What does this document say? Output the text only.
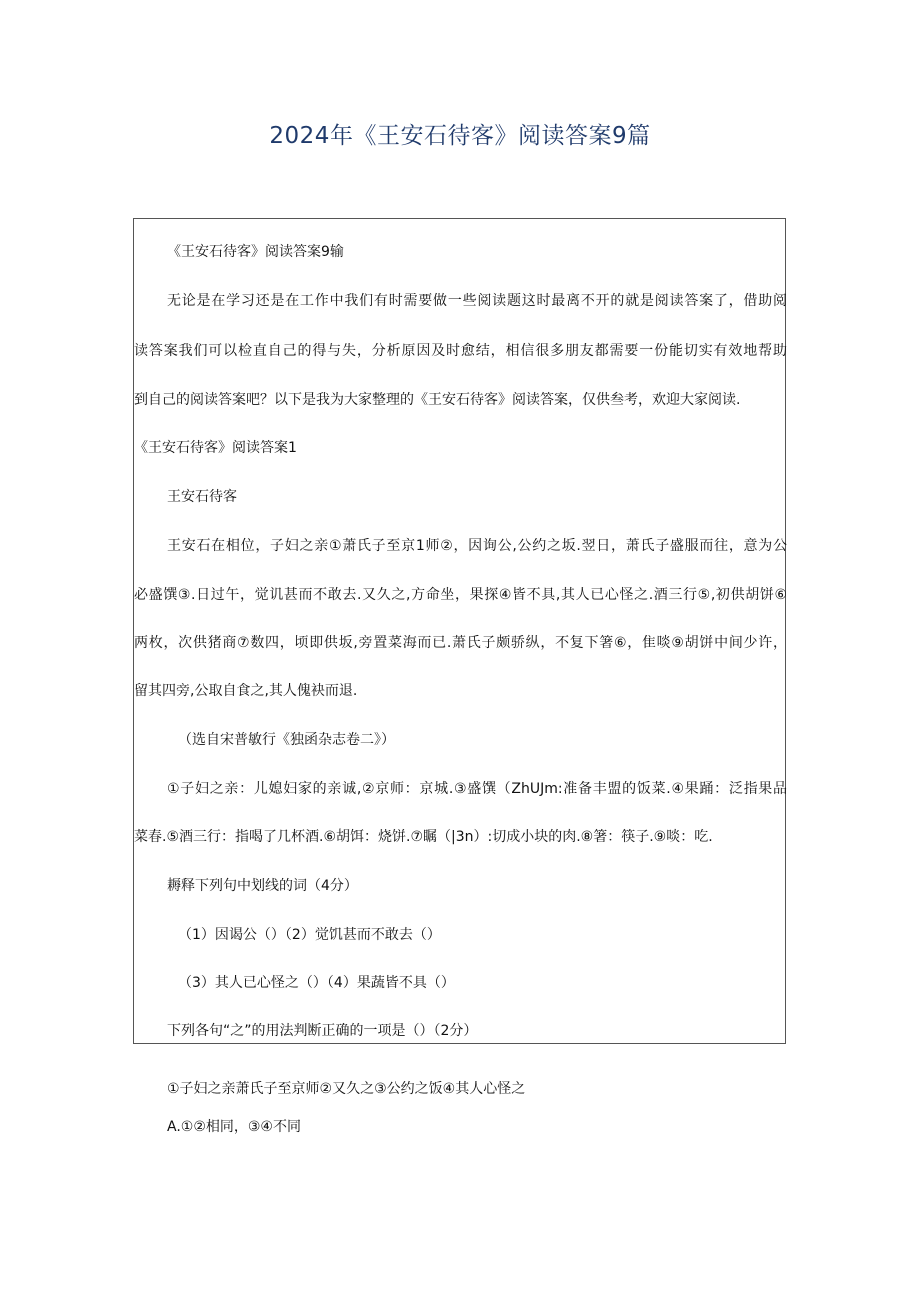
2024年《王安石待客》阅读答案9篇
《王安石待客》阅读答案9输
无论是在学习还是在工作中我们有时需要做一些阅读题这时最离不开的就是阅读答案了，借助阅
读答案我们可以检直自己的得与失，分析原因及时愈结，相信很多朋友都需要一份能切实有效地帮助
到自己的阅读答案吧？以下是我为大家整理的《王安石待客》阅读答案，仅供叁考，欢迎大家阅读.
《王安石待客》阅读答案1
王安石待客
王安石在相位，子妇之亲①萧氏子至京1师②，因询公,公约之坂.翌日，萧氏子盛服而往，意为公
必盛馔③.日过午，觉讥甚而不敢去.又久之,方命坐，果探④皆不具,其人已心怪之.酒三行⑤,初供胡饼⑥
两枚，次供猪商⑦数四，顷即供坂,旁置菜海而已.萧氏子颇骄纵，不复下箸⑥，隹啖⑨胡饼中间少许，
留其四旁,公取自食之,其人傀袂而退.
（选自宋普敏行《独函杂志卷二》）
①子妇之亲：儿媳妇家的亲诚,②京师：京城.③盛馔（ZhUJm:准备丰盟的饭菜.④果踊：泛指果品
菜春.⑤酒三行：指喝了几杯酒.⑥胡饵：烧饼.⑦瞩（|3n）:切成小块的肉.⑧箸：筷子.⑨啖：吃.
耨释下列句中划线的词（4分）
（1）因谒公（）（2）觉饥甚而不敢去（）
（3）其人已心怪之（）（4）果蔬皆不具（）
下列各句“之”的用法判断正确的一项是（）（2分）
①子妇之亲萧氏子至京师②又久之③公约之饭④其人心怪之
A.①②相同，③④不同
